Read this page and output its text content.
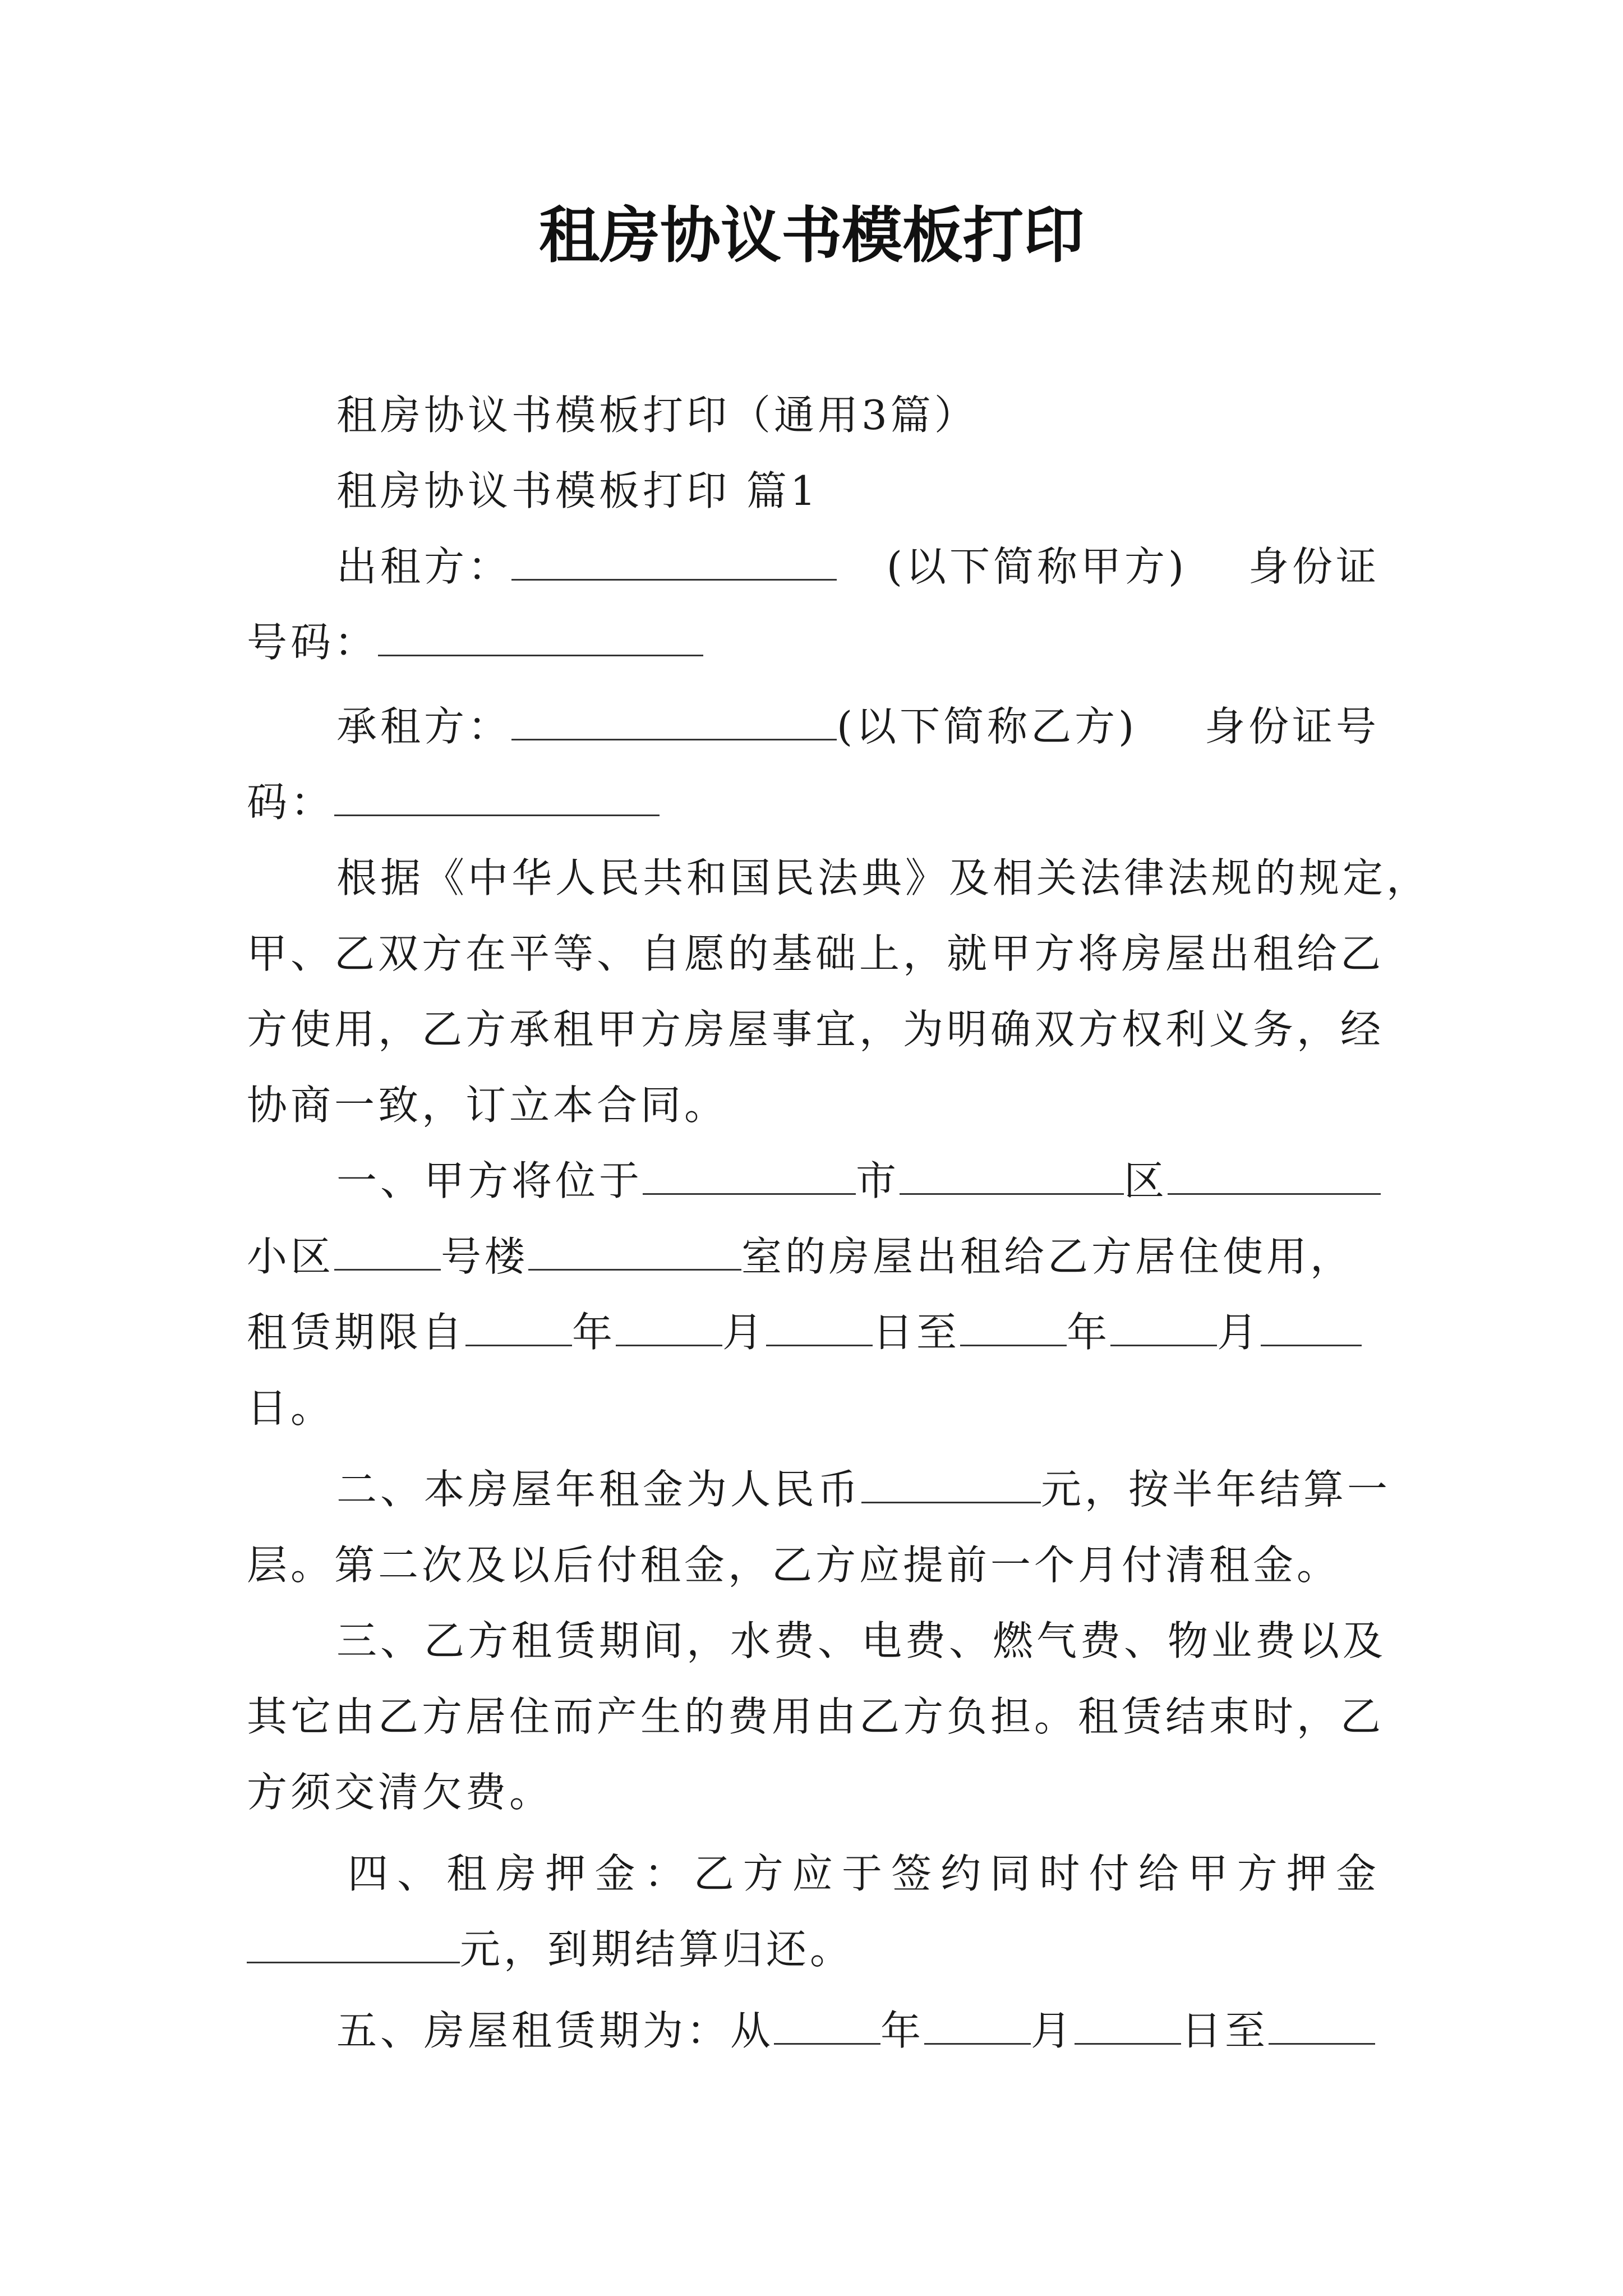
租房协议书模板打印
租房协议书模板打印（通用3篇）
租房协议书模板打印 篇1
出租方：	(以下简称甲方) 身份证
号码：
承租方：	(以下简称乙方) 身份证号
码：
根据《中华人民共和国民法典》及相关法律法规的规定，
甲、乙双方在平等、自愿的基础上，就甲方将房屋出租给乙
方使用，乙方承租甲方房屋事宜，为明确双方权利义务，经
协商一致，订立本合同。
一、甲方将位于	市	区
小区	号楼	室的房屋出租给乙方居住使用，
租赁期限自	年	月	日至	年	月
日。
二、本房屋年租金为人民币	元，按半年结算一
层。第二次及以后付租金，乙方应提前一个月付清租金。
三、乙方租赁期间，水费、电费、燃气费、物业费以及
其它由乙方居住而产生的费用由乙方负担。租赁结束时，乙
方须交清欠费。
四、租房押金：乙方应于签约同时付给甲方押金
元，到期结算归还。
五、房屋租赁期为：从	年	月	日至
